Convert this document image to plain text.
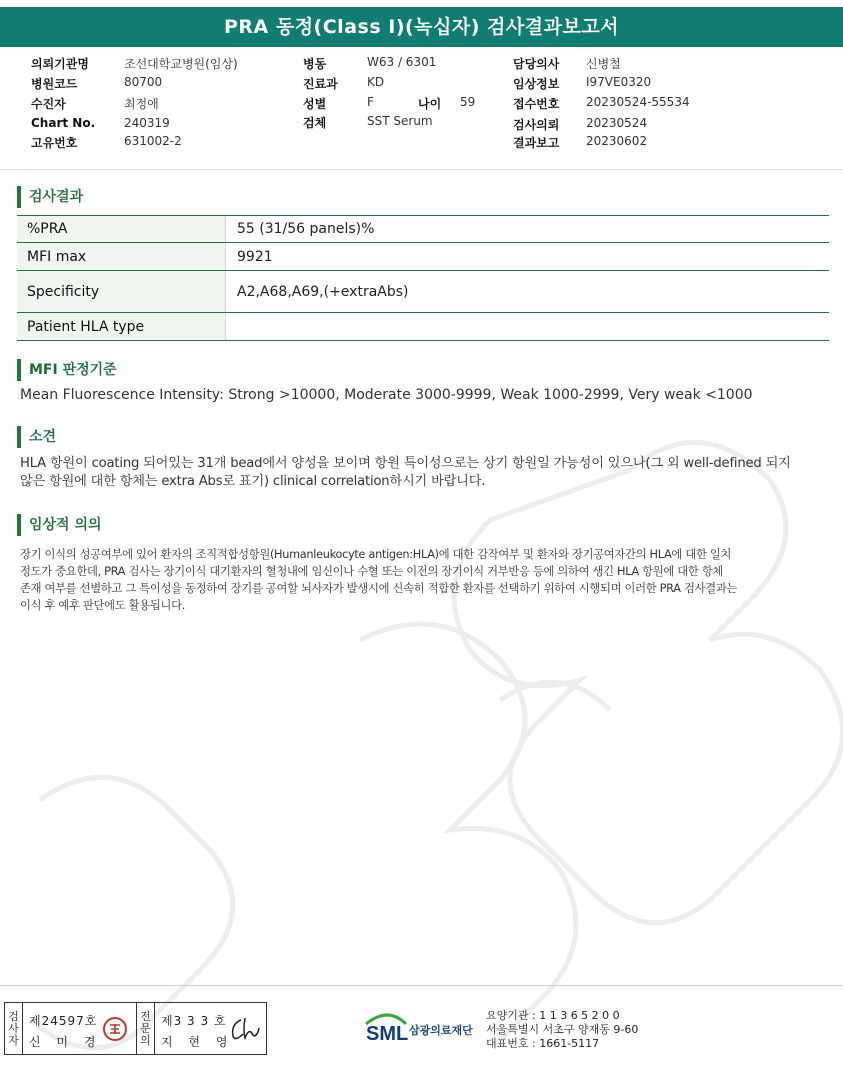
PRA 동정(Class I)(녹십자) 검사결과보고서
의뢰기관명	조선대학교병원(임상)	병동	W63 / 6301	담당의사 신병철
병원코드	80700	진료과 KD	임상정보 I97VE0320
수진자	최정애	성별	F	나이 59	접수번호 20230524-55534
Chart No. 240319	검체	SST Serum	검사의뢰 20230524
고유번호	631002-2	결과보고 20230602
검사결과
%PRA	55 (31/56 panels)%
MFI max	9921
Specificity	A2,A68,A69,(+extraAbs)
Patient HLA type
MFI 판정기준
Mean Fluorescence Intensity: Strong >10000, Moderate 3000-9999, Weak 1000-2999, Very weak <1000
소견
HLA 항원이 coating 되어있는 31개 bead에서 양성을 보이며 항원 특이성으로는 상기 항원일 가능성이 있으나(그 외 well-defined 되지
않은 항원에 대한 항체는 extra Abs로 표기) clinical correlation하시기 바랍니다.
임상적 의의
장기 이식의 성공여부에 있어 환자의 조직적합성항원(Humanleukocyte antigen:HLA)에 대한 감작여부 및 환자와 장기공여자간의 HLA에 대한 일치
정도가 중요한데, PRA 검사는 장기이식 대기환자의 혈청내에 임신이나 수혈 또는 이전의 장기이식 거부반응 등에 의하여 생긴 HLA 항원에 대한 항체
존재 여부를 선별하고 그 특이성을 동정하여 장기를 공여할 뇌사자가 발생시에 신속히 적합한 환자를 선택하기 위하여 시행되며 이러한 PRA 검사결과는
이식 후 예후 판단에도 활용됩니다.
검
사
자
제24597호
신 미 경
전
문
의
제3 3 3 호
지 현 영	SML 삼광의료재단
요양기관 : 1 1 3 6 5 2 0 0
서울특별시 서초구 양재동 9-60
대표번호 : 1661-5117
